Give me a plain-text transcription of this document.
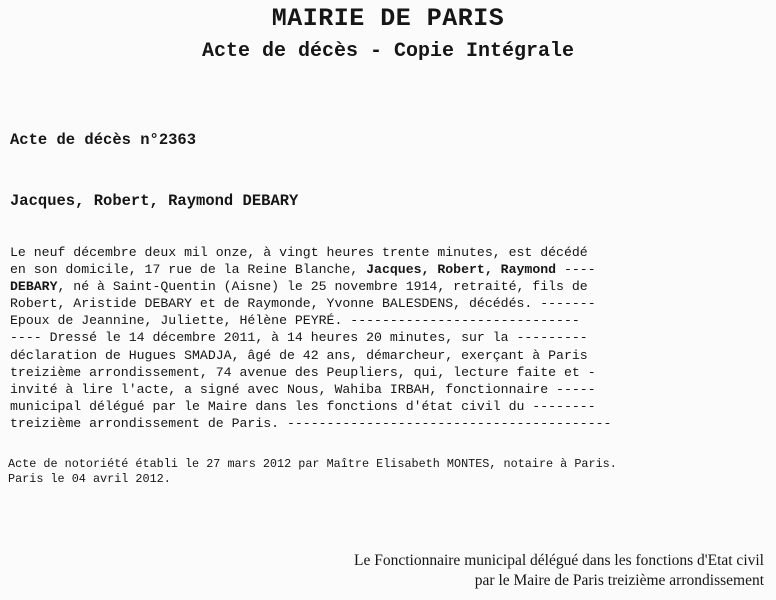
MAIRIE DE PARIS
Acte de décès - Copie Intégrale
Acte de décès n°2363
Jacques, Robert, Raymond DEBARY
Le neuf décembre deux mil onze, à vingt heures trente minutes, est décédé
en son domicile, 17 rue de la Reine Blanche, Jacques, Robert, Raymond ----
DEBARY, né à Saint-Quentin (Aisne) le 25 novembre 1914, retraité, fils de
Robert, Aristide DEBARY et de Raymonde, Yvonne BALESDENS, décédés. -------
Epoux de Jeannine, Juliette, Hélène PEYRÉ. -----------------------------
---- Dressé le 14 décembre 2011, à 14 heures 20 minutes, sur la ---------
déclaration de Hugues SMADJA, âgé de 42 ans, démarcheur, exerçant à Paris
treizième arrondissement, 74 avenue des Peupliers, qui, lecture faite et -
invité à lire l'acte, a signé avec Nous, Wahiba IRBAH, fonctionnaire -----
municipal délégué par le Maire dans les fonctions d'état civil du --------
treizième arrondissement de Paris. -----------------------------------------
Acte de notoriété établi le 27 mars 2012 par Maître Elisabeth MONTES, notaire à Paris.
Paris le 04 avril 2012.
Le Fonctionnaire municipal délégué dans les fonctions d'Etat civil
par le Maire de Paris treizième arrondissement
